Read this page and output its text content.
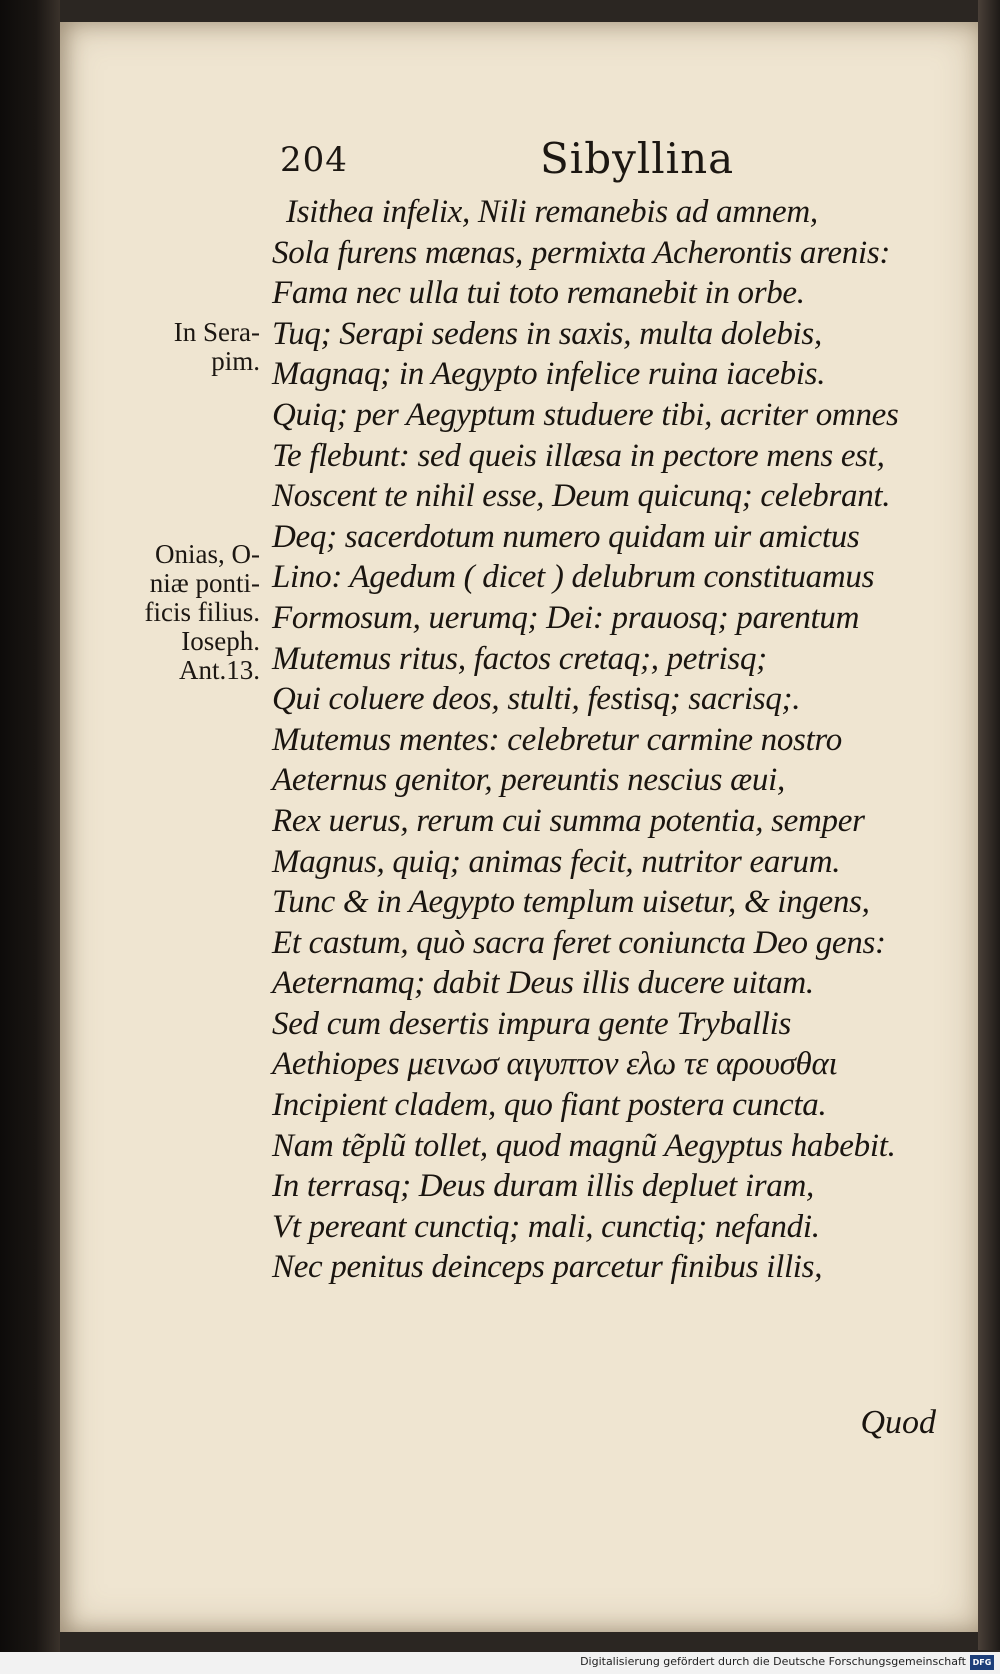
204	Sibyllina
In Sera-
pim.
Onias, O-
niæ ponti-
ficis filius.
Ioseph.
Ant.13.
Isithea infelix, Nili remanebis ad amnem,
Sola furens mænas, permixta Acherontis arenis:
Fama nec ulla tui toto remanebit in orbe.
Tuq; Serapi sedens in saxis, multa dolebis,
Magnaq; in Aegypto infelice ruina iacebis.
Quiq; per Aegyptum studuere tibi, acriter omnes
Te flebunt: sed queis illæsa in pectore mens est,
Noscent te nihil esse, Deum quicunq; celebrant.
Deq; sacerdotum numero quidam uir amictus
Lino: Agedum ( dicet ) delubrum constituamus
Formosum, uerumq; Dei: prauosq; parentum
Mutemus ritus, factos cretaq;, petrisq;
Qui coluere deos, stulti, festisq; sacrisq;.
Mutemus mentes: celebretur carmine nostro
Aeternus genitor, pereuntis nescius æui,
Rex uerus, rerum cui summa potentia, semper
Magnus, quiq; animas fecit, nutritor earum.
Tunc & in Aegypto templum uisetur, & ingens,
Et castum, quò sacra feret coniuncta Deo gens:
Aeternamq; dabit Deus illis ducere uitam.
Sed cum desertis impura gente Tryballis
Aethiopes μεινωσ αιγυπτον ελω τε αρουσθαι
Incipient cladem, quo fiant postera cuncta.
Nam tẽplũ tollet, quod magnũ Aegyptus habebit.
In terrasq; Deus duram illis depluet iram,
Vt pereant cunctiq; mali, cunctiq; nefandi.
Nec penitus deinceps parcetur finibus illis,
Quod
Digitalisierung gefördert durch die Deutsche Forschungsgemeinschaft DFG
